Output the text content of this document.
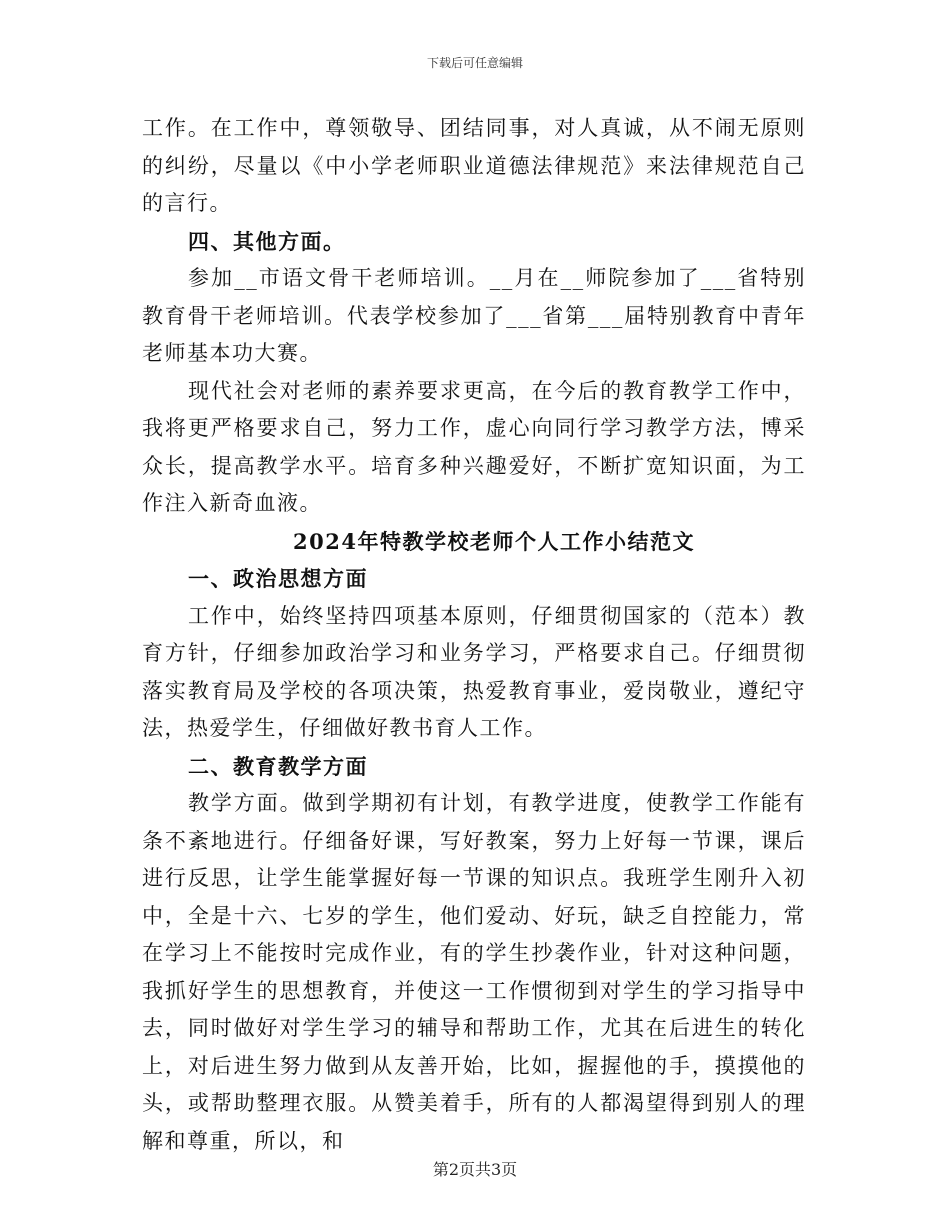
下载后可任意编辑

工作。在工作中，尊领敬导、团结同事，对人真诚，从不闹无原则的纠纷，尽量以《中小学老师职业道德法律规范》来法律规范自己的言行。

四、其他方面。

参加__市语文骨干老师培训。__月在__师院参加了___省特别教育骨干老师培训。代表学校参加了___省第___届特别教育中青年老师基本功大赛。

现代社会对老师的素养要求更高，在今后的教育教学工作中，我将更严格要求自己，努力工作，虚心向同行学习教学方法，博采众长，提高教学水平。培育多种兴趣爱好，不断扩宽知识面，为工作注入新奇血液。

2024年特教学校老师个人工作小结范文

一、政治思想方面

工作中，始终坚持四项基本原则，仔细贯彻国家的（范本）教育方针，仔细参加政治学习和业务学习，严格要求自己。仔细贯彻落实教育局及学校的各项决策，热爱教育事业，爱岗敬业，遵纪守法，热爱学生，仔细做好教书育人工作。

二、教育教学方面

教学方面。做到学期初有计划，有教学进度，使教学工作能有条不紊地进行。仔细备好课，写好教案，努力上好每一节课，课后进行反思，让学生能掌握好每一节课的知识点。我班学生刚升入初中，全是十六、七岁的学生，他们爱动、好玩，缺乏自控能力，常在学习上不能按时完成作业，有的学生抄袭作业，针对这种问题，我抓好学生的思想教育，并使这一工作惯彻到对学生的学习指导中去，同时做好对学生学习的辅导和帮助工作，尤其在后进生的转化上，对后进生努力做到从友善开始，比如，握握他的手，摸摸他的头，或帮助整理衣服。从赞美着手，所有的人都渴望得到别人的理解和尊重，所以，和

第2页共3页
